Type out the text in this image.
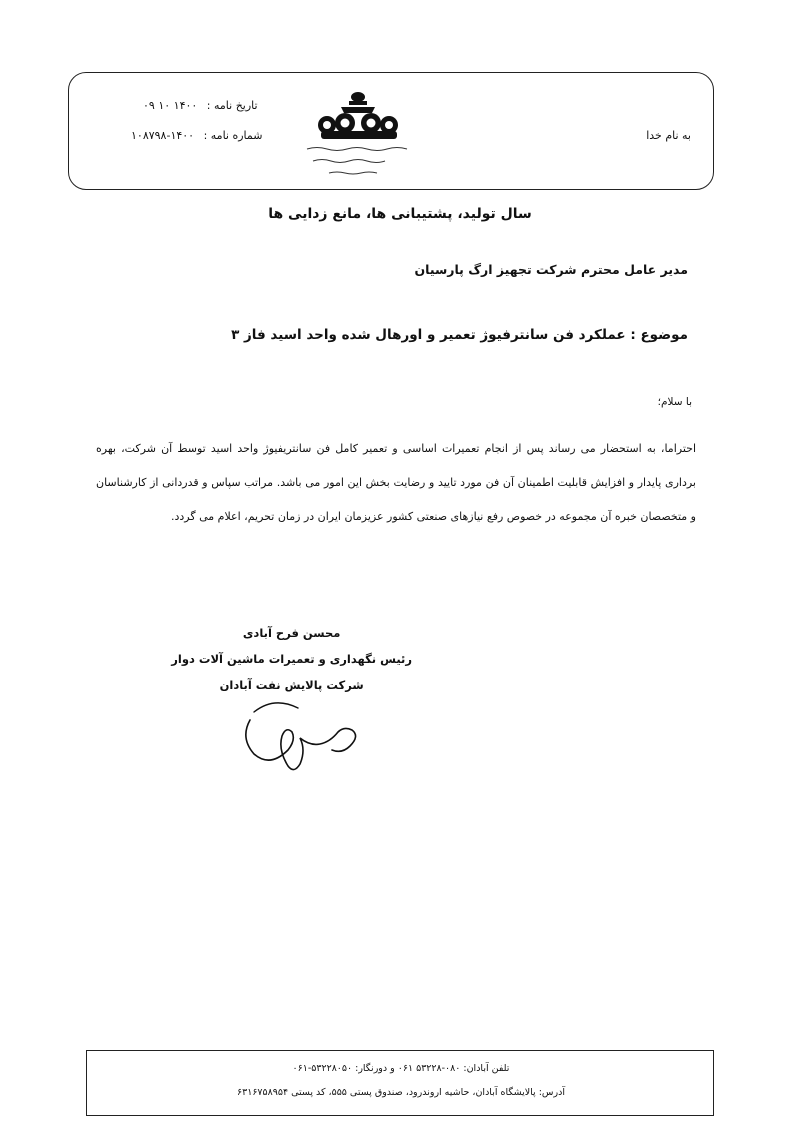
به نام خدا
تاریخ نامه : ۱۴۰۰ ۱۰ ۰۹
شماره نامه : ۱۴۰۰-۱۰۸۷۹۸
سال تولید، پشتیبانی ها، مانع زدایی ها
مدیر عامل محترم شرکت تجهیز ارگ پارسیان
موضوع : عملکرد فن سانترفیوژ تعمیر و اورهال شده واحد اسید فاز ۳
با سلام؛
احتراما، به استحضار می رساند پس از انجام تعمیرات اساسی و تعمیر کامل فن سانتریفیوژ واحد اسید توسط آن شرکت، بهره برداری پایدار و افزایش قابلیت اطمینان آن فن مورد تایید و رضایت بخش این امور می باشد. مراتب سپاس و قدردانی از کارشناسان و متخصصان خبره آن مجموعه در خصوص رفع نیازهای صنعتی کشور عزیزمان ایران در زمان تحریم، اعلام می گردد.
محسن فرح آبادی
رئیس نگهداری و تعمیرات ماشین آلات دوار
شرکت پالایش نفت آبادان
تلفن آبادان: ۰۸۰-۵۳۲۲۸ ۰۶۱ و دورنگار: ۵۳۲۲۸۰۵۰-۰۶۱
آدرس: پالایشگاه آبادان، حاشیه اروندرود، صندوق پستی ۵۵۵، کد پستی ۶۳۱۶۷۵۸۹۵۴
